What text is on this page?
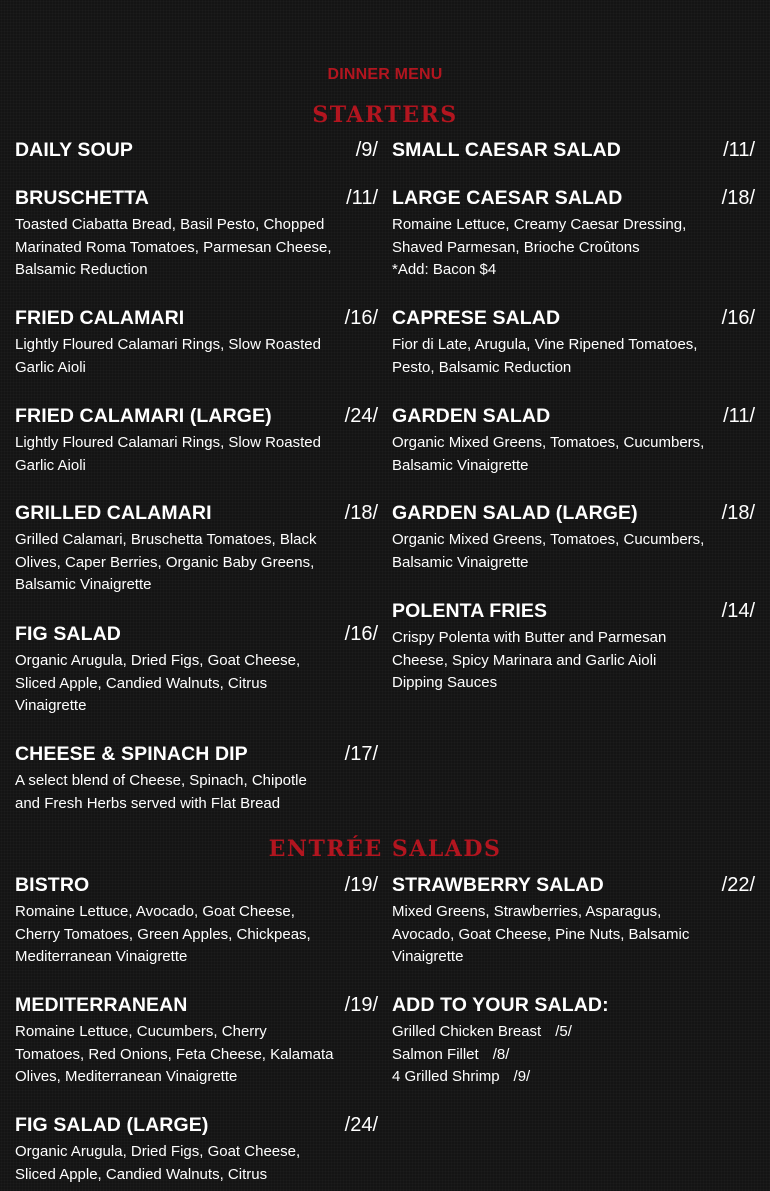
DINNER MENU
STARTERS
DAILY SOUP	/9/
BRUSCHETTA	/11/
Toasted Ciabatta Bread, Basil Pesto, Chopped Marinated Roma Tomatoes, Parmesan Cheese, Balsamic Reduction
FRIED CALAMARI	/16/
Lightly Floured Calamari Rings, Slow Roasted Garlic Aioli
FRIED CALAMARI (LARGE)	/24/
Lightly Floured Calamari Rings, Slow Roasted Garlic Aioli
GRILLED CALAMARI	/18/
Grilled Calamari, Bruschetta Tomatoes, Black Olives, Caper Berries, Organic Baby Greens, Balsamic Vinaigrette
FIG SALAD	/16/
Organic Arugula, Dried Figs, Goat Cheese, Sliced Apple, Candied Walnuts, Citrus Vinaigrette
CHEESE & SPINACH DIP	/17/
A select blend of Cheese, Spinach, Chipotle and Fresh Herbs served with Flat Bread
SMALL CAESAR SALAD	/11/
LARGE CAESAR SALAD	/18/
Romaine Lettuce, Creamy Caesar Dressing, Shaved Parmesan, Brioche Croûtons
*Add: Bacon $4
CAPRESE SALAD	/16/
Fior di Late, Arugula, Vine Ripened Tomatoes, Pesto, Balsamic Reduction
GARDEN SALAD	/11/
Organic Mixed Greens, Tomatoes, Cucumbers, Balsamic Vinaigrette
GARDEN SALAD (LARGE)	/18/
Organic Mixed Greens, Tomatoes, Cucumbers, Balsamic Vinaigrette
POLENTA FRIES	/14/
Crispy Polenta with Butter and Parmesan Cheese, Spicy Marinara and Garlic Aioli Dipping Sauces
ENTRÉE SALADS
BISTRO	/19/
Romaine Lettuce, Avocado, Goat Cheese, Cherry Tomatoes, Green Apples, Chickpeas, Mediterranean Vinaigrette
MEDITERRANEAN	/19/
Romaine Lettuce, Cucumbers, Cherry Tomatoes, Red Onions, Feta Cheese, Kalamata Olives, Mediterranean Vinaigrette
FIG SALAD (LARGE)	/24/
Organic Arugula, Dried Figs, Goat Cheese, Sliced Apple, Candied Walnuts, Citrus
STRAWBERRY SALAD	/22/
Mixed Greens, Strawberries, Asparagus, Avocado, Goat Cheese, Pine Nuts, Balsamic Vinaigrette
ADD TO YOUR SALAD:
Grilled Chicken Breast /5/
Salmon Fillet /8/
4 Grilled Shrimp /9/
